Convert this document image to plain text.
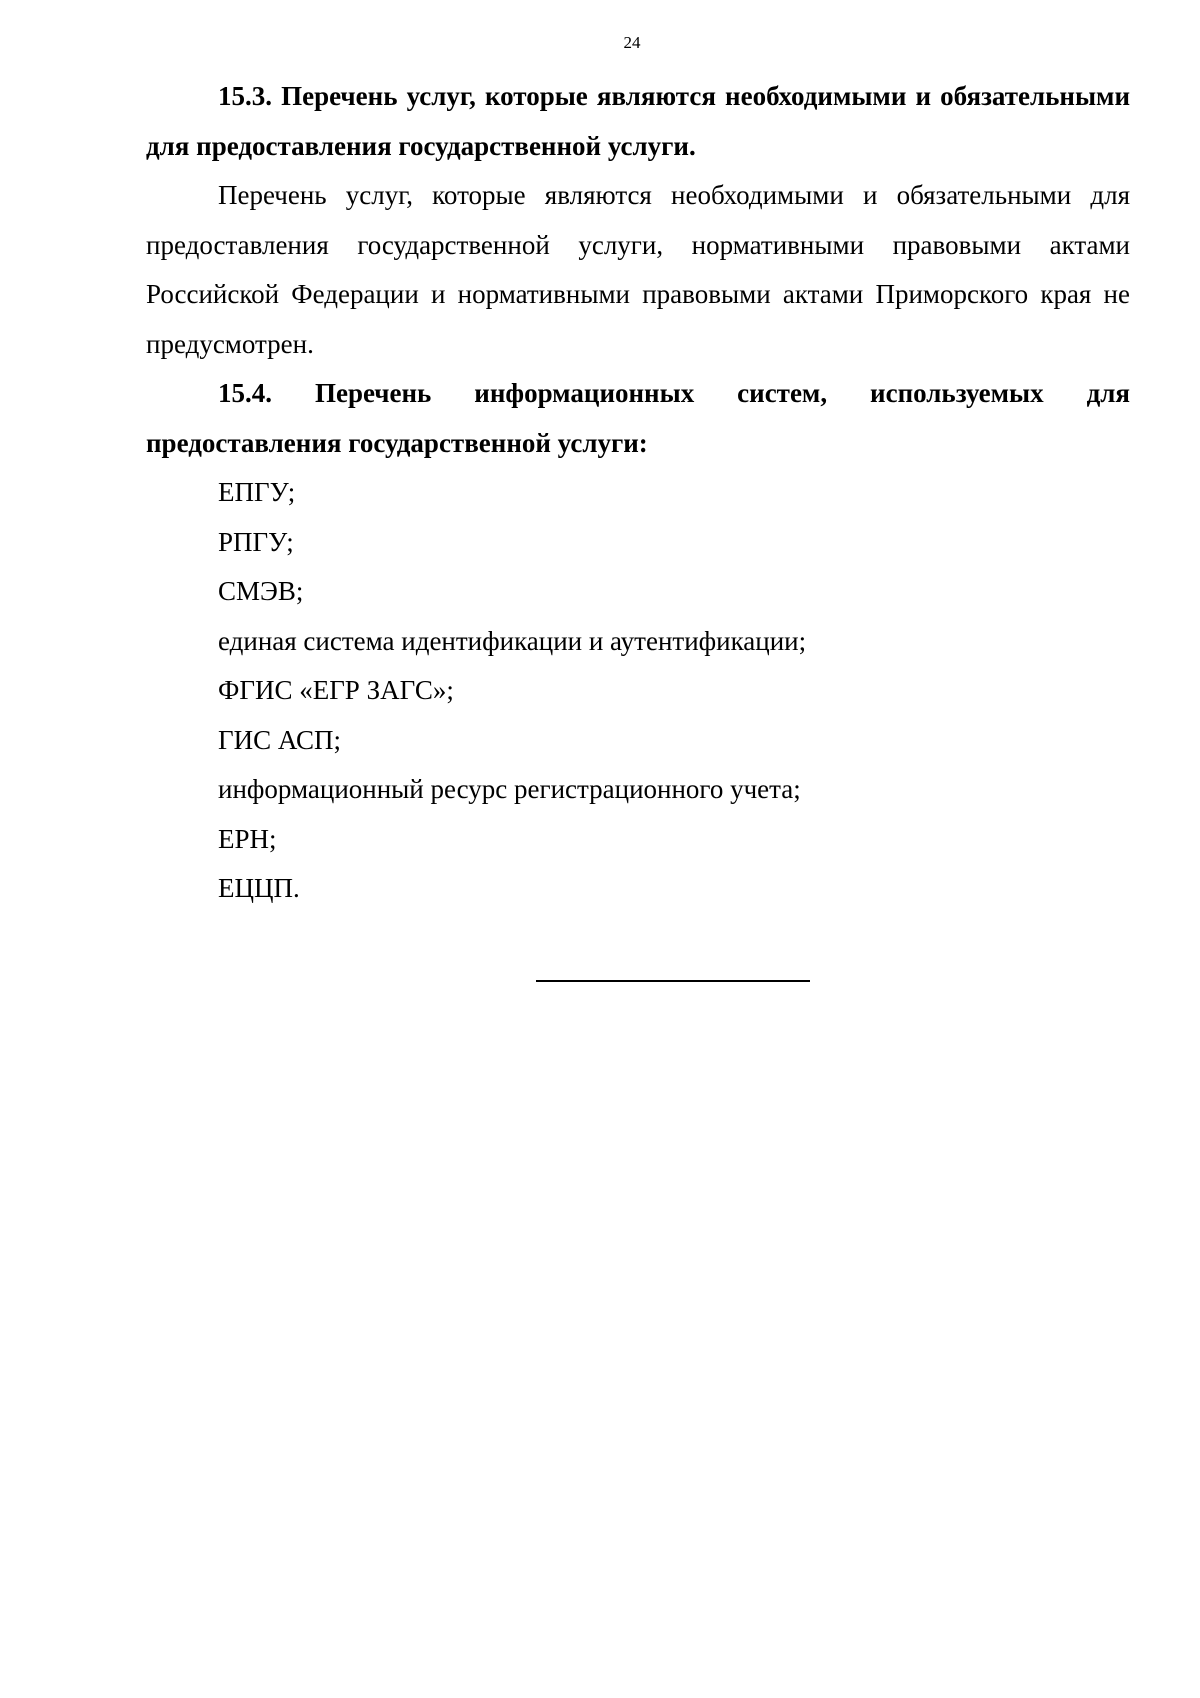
24

15.3. Перечень услуг, которые являются необходимыми и обязательными для предоставления государственной услуги.

Перечень услуг, которые являются необходимыми и обязательными для предоставления государственной услуги, нормативными правовыми актами Российской Федерации и нормативными правовыми актами Приморского края не предусмотрен.

15.4. Перечень информационных систем, используемых для предоставления государственной услуги:

ЕПГУ;

РПГУ;

СМЭВ;

единая система идентификации и аутентификации;

ФГИС «ЕГР ЗАГС»;

ГИС АСП;

информационный ресурс регистрационного учета;

ЕРН;

ЕЦЦП.
